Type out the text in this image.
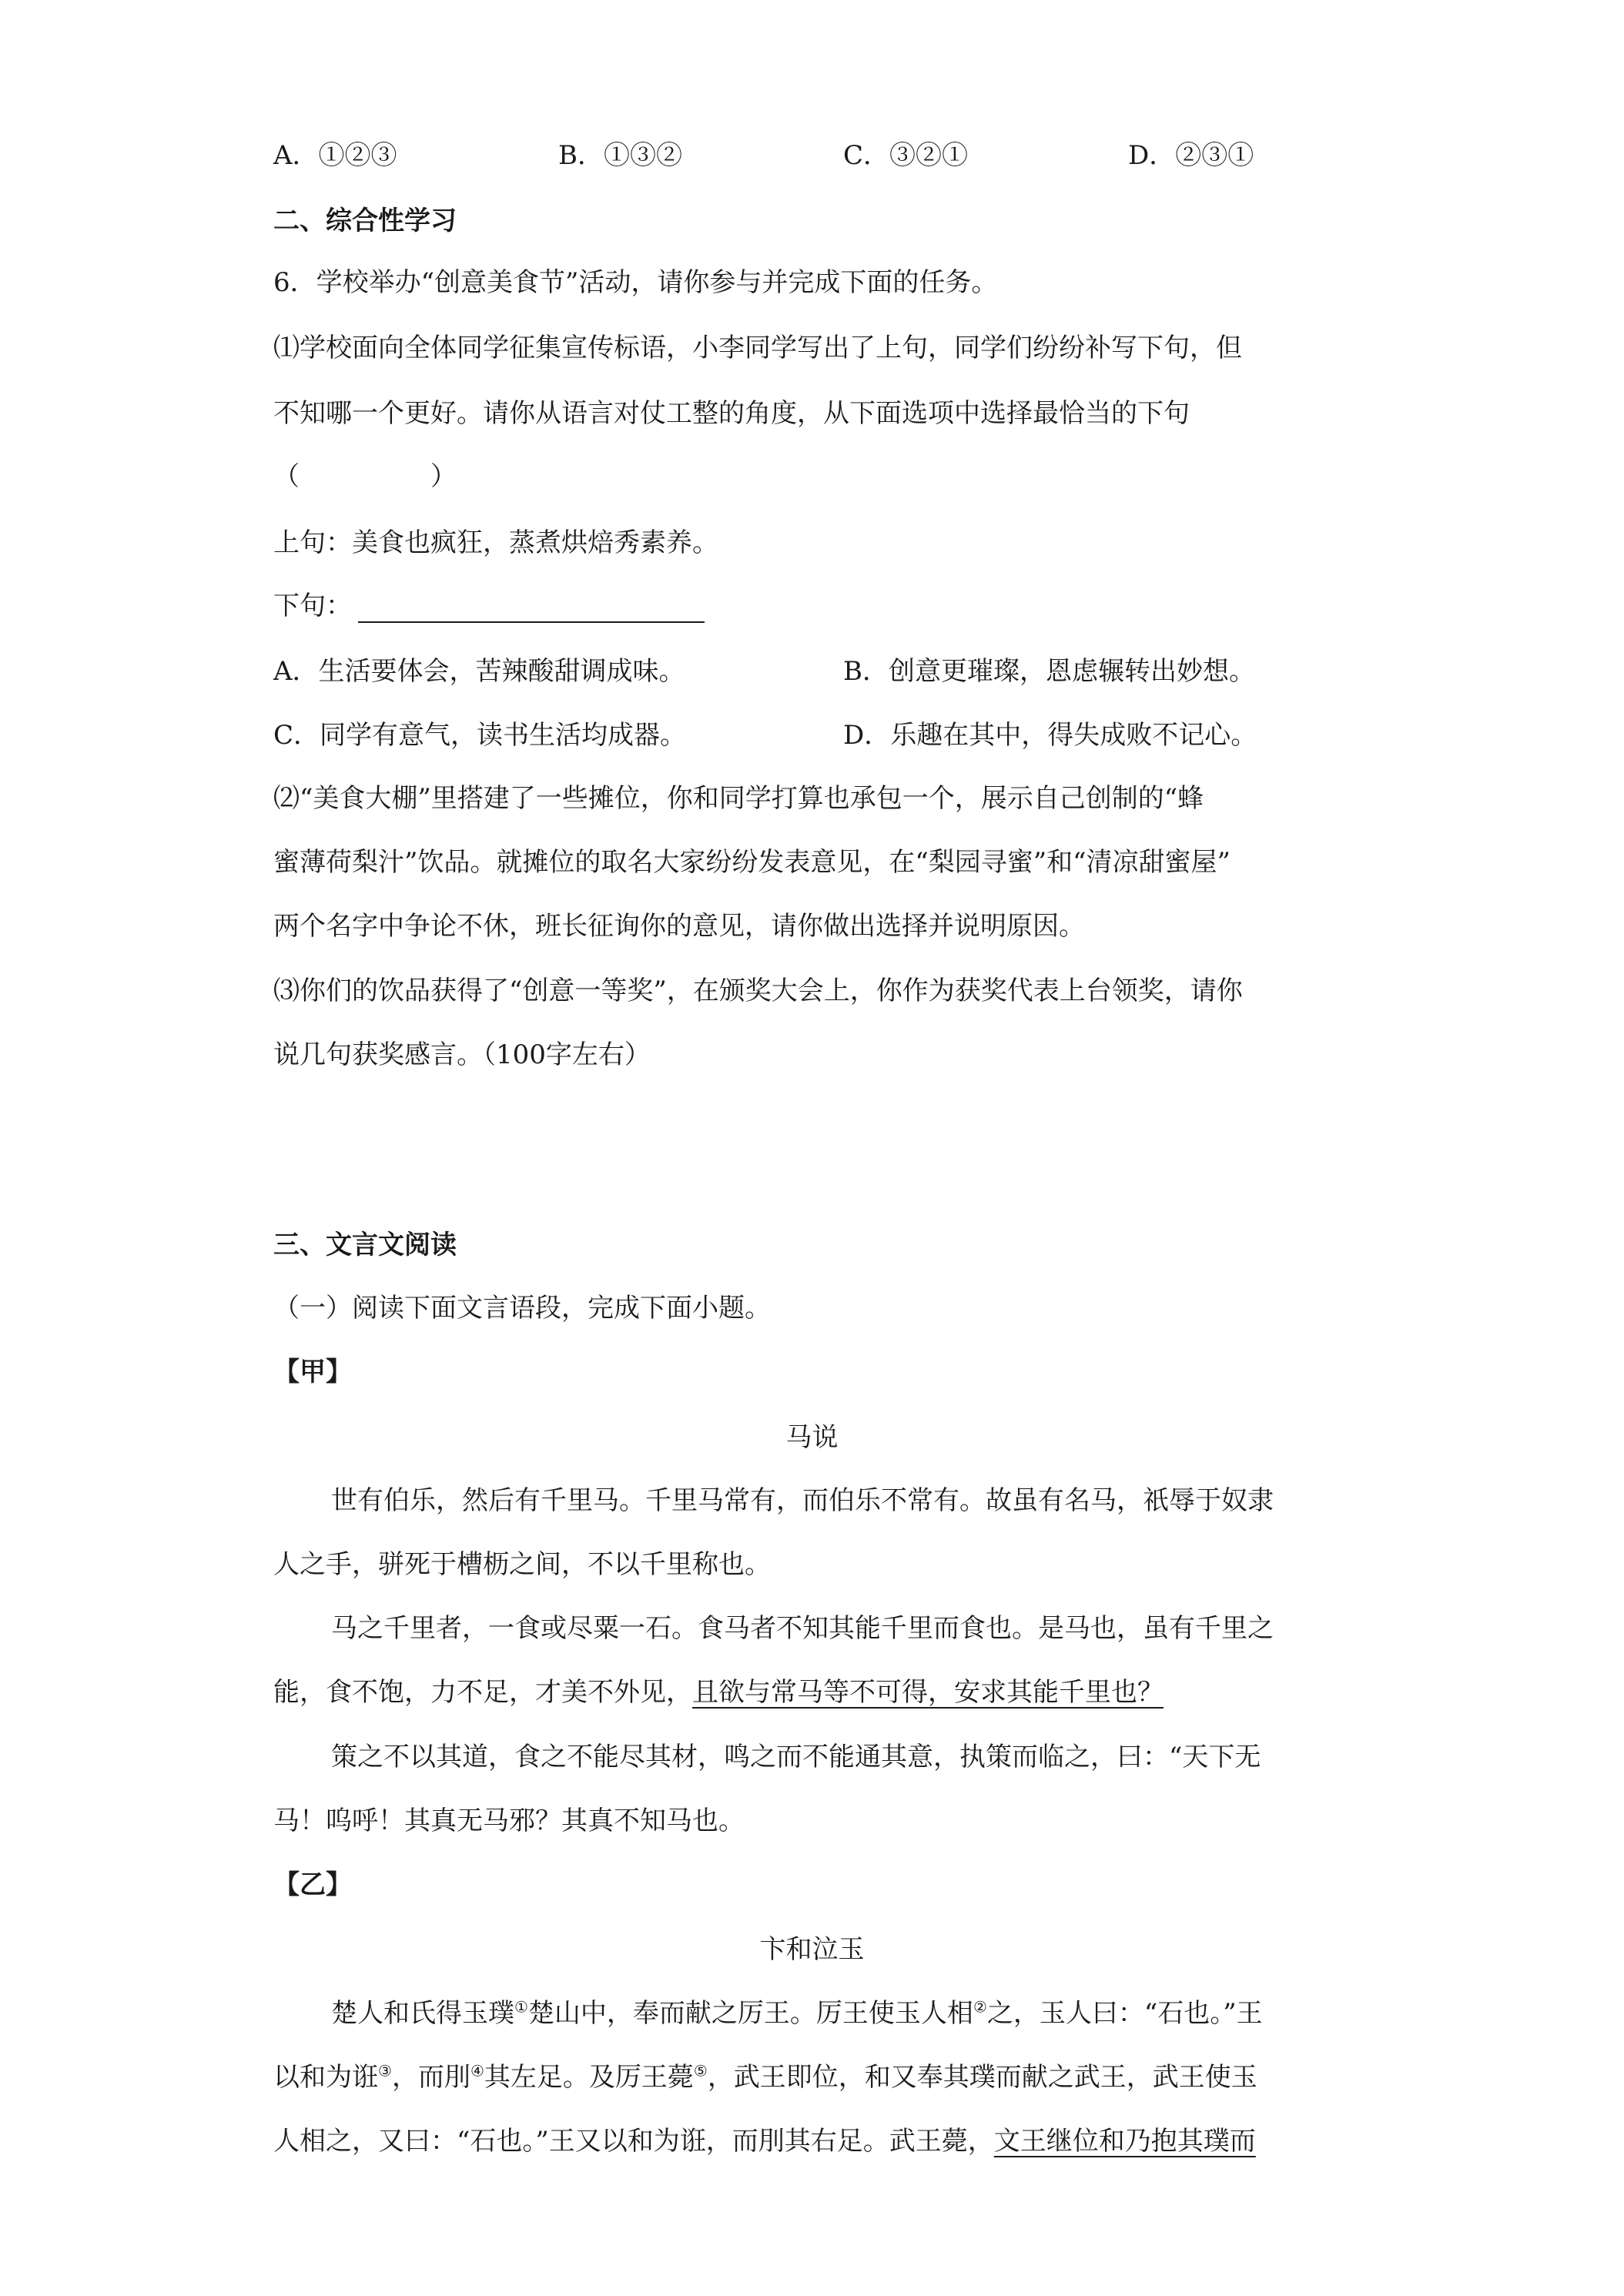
A．①②③	B．①③②	C．③②①	D．②③①
二、综合性学习
6．学校举办“创意美食节”活动，请你参与并完成下面的任务。
⑴学校面向全体同学征集宣传标语，小李同学写出了上句，同学们纷纷补写下句，但
不知哪一个更好。请你从语言对仗工整的角度，从下面选项中选择最恰当的下句
（　　　　　）
上句：美食也疯狂，蒸煮烘焙秀素养。
下句：
A．生活要体会，苦辣酸甜调成味。	B．创意更璀璨，恩虑辗转出妙想。
C．同学有意气，读书生活均成器。	D．乐趣在其中，得失成败不记心。
⑵“美食大棚”里搭建了一些摊位，你和同学打算也承包一个，展示自己创制的“蜂
蜜薄荷梨汁”饮品。就摊位的取名大家纷纷发表意见，在“梨园寻蜜”和“清凉甜蜜屋”
两个名字中争论不休，班长征询你的意见，请你做出选择并说明原因。
⑶你们的饮品获得了“创意一等奖”，在颁奖大会上，你作为获奖代表上台领奖，请你
说几句获奖感言。（100字左右）
三、文言文阅读
（一）阅读下面文言语段，完成下面小题。
【甲】
马说
世有伯乐，然后有千里马。千里马常有，而伯乐不常有。故虽有名马，祇辱于奴隶
人之手，骈死于槽枥之间，不以千里称也。
马之千里者，一食或尽粟一石。食马者不知其能千里而食也。是马也，虽有千里之
能，食不饱，力不足，才美不外见，且欲与常马等不可得，安求其能千里也？
策之不以其道，食之不能尽其材，鸣之而不能通其意，执策而临之，曰：“天下无
马！呜呼！其真无马邪？其真不知马也。
【乙】
卞和泣玉
楚人和氏得玉璞①楚山中，奉而献之厉王。厉王使玉人相②之，玉人曰：“石也。”王
以和为诳③，而刖④其左足。及厉王薨⑤，武王即位，和又奉其璞而献之武王，武王使玉
人相之，又曰：“石也。”王又以和为诳，而刖其右足。武王薨，文王继位和乃抱其璞而
